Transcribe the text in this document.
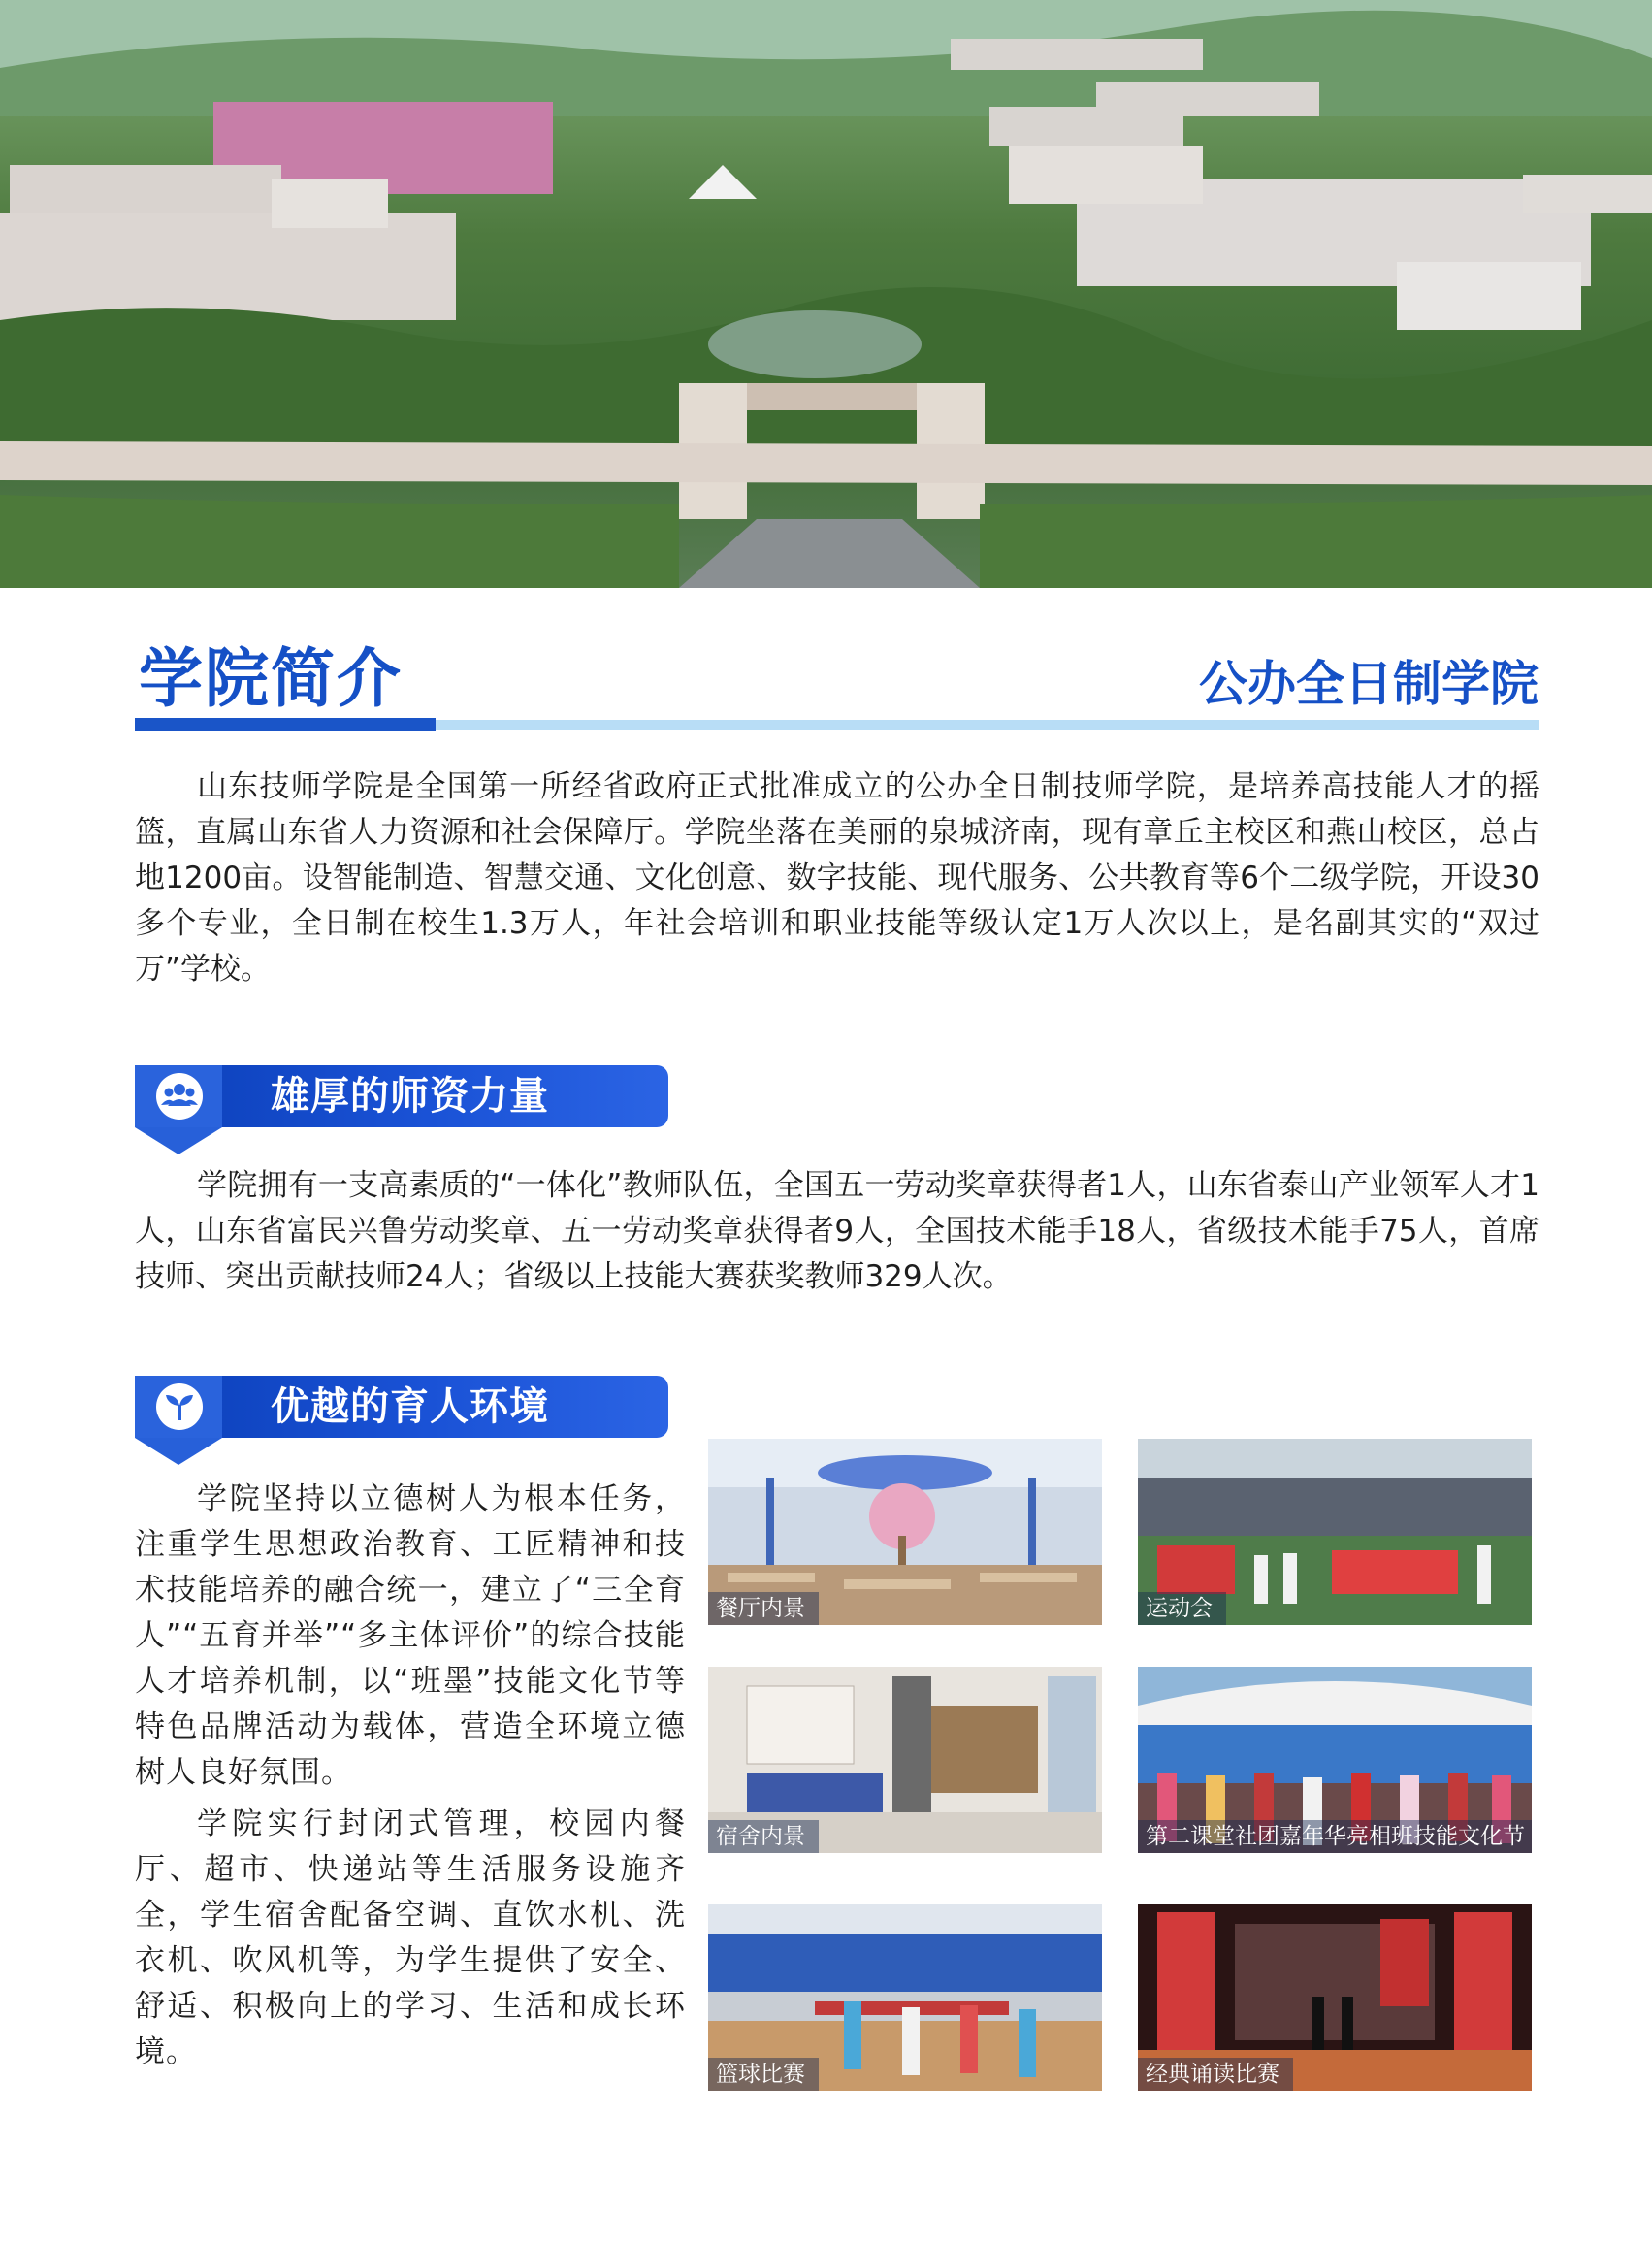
学院简介	公办全日制学院

山东技师学院是全国第一所经省政府正式批准成立的公办全日制技师学院，是培养高技能人才的摇篮，直属山东省人力资源和社会保障厅。学院坐落在美丽的泉城济南，现有章丘主校区和燕山校区，总占地1200亩。设智能制造、智慧交通、文化创意、数字技能、现代服务、公共教育等6个二级学院，开设30多个专业，全日制在校生1.3万人，年社会培训和职业技能等级认定1万人次以上，是名副其实的“双过万”学校。

雄厚的师资力量

学院拥有一支高素质的“一体化”教师队伍，全国五一劳动奖章获得者1人，山东省泰山产业领军人才1人，山东省富民兴鲁劳动奖章、五一劳动奖章获得者9人，全国技术能手18人，省级技术能手75人，首席技师、突出贡献技师24人；省级以上技能大赛获奖教师329人次。

优越的育人环境

学院坚持以立德树人为根本任务，注重学生思想政治教育、工匠精神和技术技能培养的融合统一，建立了“三全育人”“五育并举”“多主体评价”的综合技能人才培养机制，以“班墨”技能文化节等特色品牌活动为载体，营造全环境立德树人良好氛围。

学院实行封闭式管理，校园内餐厅、超市、快递站等生活服务设施齐全，学生宿舍配备空调、直饮水机、洗衣机、吹风机等，为学生提供了安全、舒适、积极向上的学习、生活和成长环境。

餐厅内景	运动会
宿舍内景	第二课堂社团嘉年华亮相班技能文化节
篮球比赛	经典诵读比赛
